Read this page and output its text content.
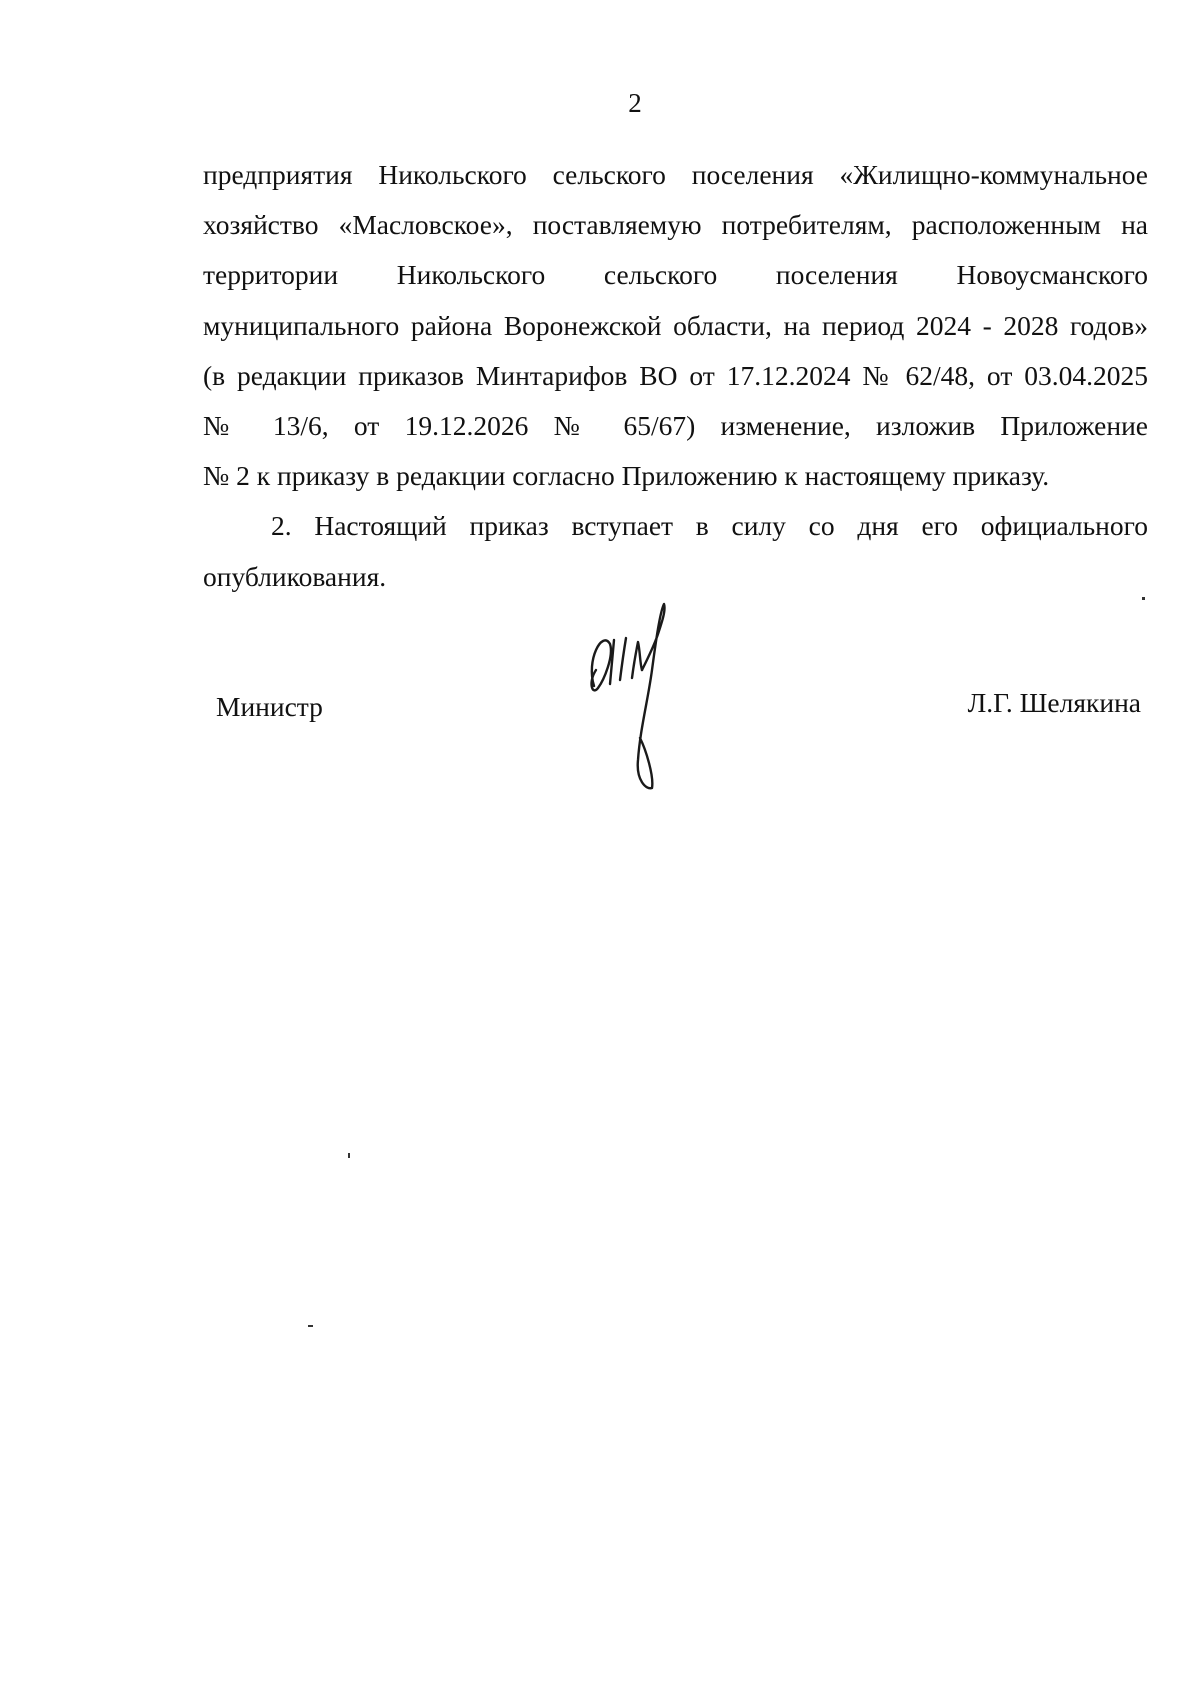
2
предприятия Никольского сельского поселения «Жилищно-коммунальное
хозяйство «Масловское», поставляемую потребителям, расположенным на
территории Никольского сельского поселения Новоусманского
муниципального района Воронежской области, на период 2024 - 2028 годов»
(в редакции приказов Минтарифов ВО от 17.12.2024 № 62/48, от 03.04.2025
№ 13/6, от 19.12.2026 № 65/67) изменение, изложив Приложение
№ 2 к приказу в редакции согласно Приложению к настоящему приказу.
2. Настоящий приказ вступает в силу со дня его официального
опубликования.
Министр	Л.Г. Шелякина
